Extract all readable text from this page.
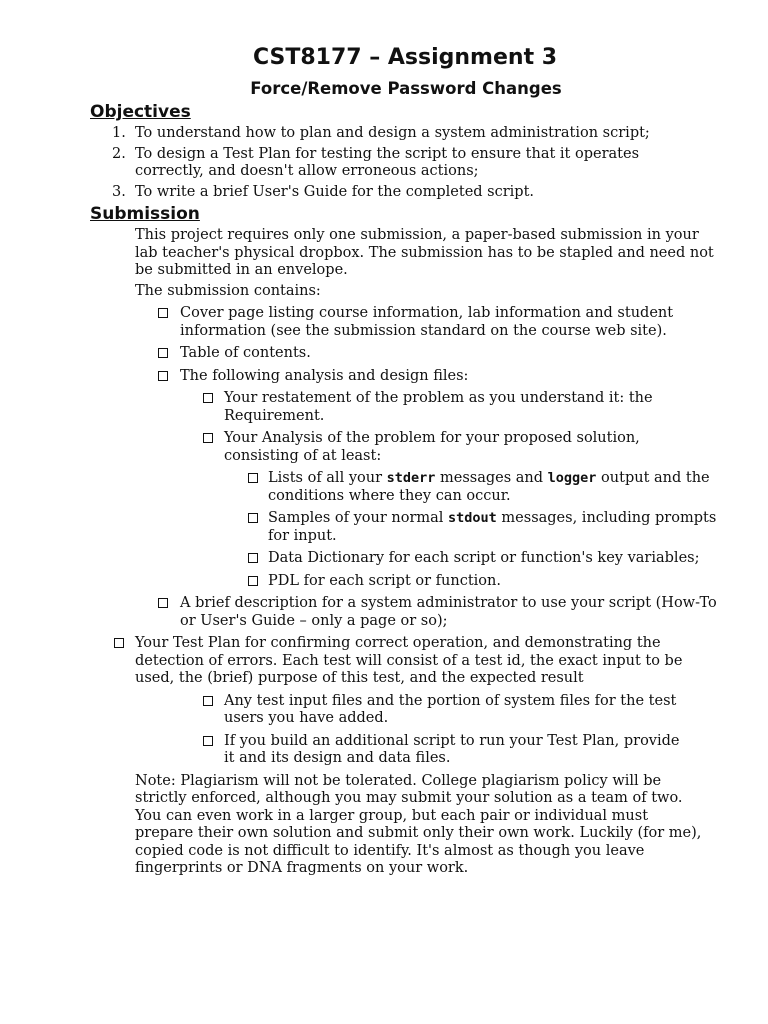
CST8177 – Assignment 3
Force/Remove Password Changes
Objectives
1. To understand how to plan and design a system administration script;
2. To design a Test Plan for testing the script to ensure that it operates correctly, and doesn't allow erroneous actions;
3. To write a brief User's Guide for the completed script.
Submission
This project requires only one submission, a paper-based submission in your lab teacher's physical dropbox. The submission has to be stapled and need not be submitted in an envelope.
The submission contains:
Cover page listing course information, lab information and student information (see the submission standard on the course web site).
Table of contents.
The following analysis and design files:
Your restatement of the problem as you understand it: the Requirement.
Your Analysis of the problem for your proposed solution, consisting of at least:
Lists of all your stderr messages and logger output and the conditions where they can occur.
Samples of your normal stdout messages, including prompts for input.
Data Dictionary for each script or function's key variables;
PDL for each script or function.
A brief description for a system administrator to use your script (How-To or User's Guide – only a page or so);
Your Test Plan for confirming correct operation, and demonstrating the detection of errors. Each test will consist of a test id, the exact input to be used, the (brief) purpose of this test, and the expected result
Any test input files and the portion of system files for the test users you have added.
If you build an additional script to run your Test Plan, provide it and its design and data files.
Note: Plagiarism will not be tolerated. College plagiarism policy will be strictly enforced, although you may submit your solution as a team of two. You can even work in a larger group, but each pair or individual must prepare their own solution and submit only their own work. Luckily (for me), copied code is not difficult to identify. It's almost as though you leave fingerprints or DNA fragments on your work.
